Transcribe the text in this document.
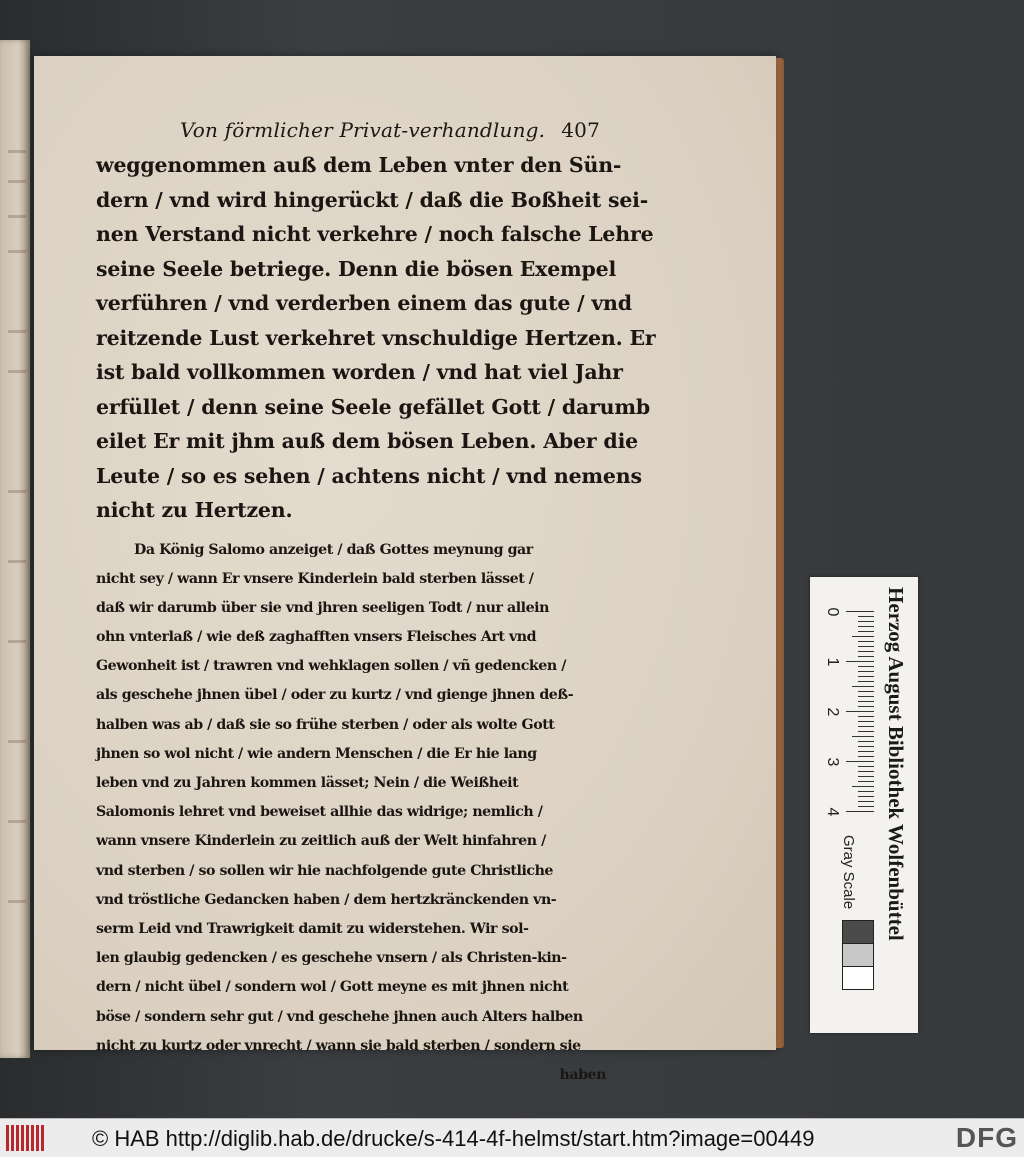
Von förmlicher Privat-verhandlung. 407
weggenommen auß dem Leben vnter den Sün-
dern / vnd wird hingerückt / daß die Boßheit sei-
nen Verstand nicht verkehre / noch falsche Lehre
seine Seele betriege. Denn die bösen Exempel
verführen / vnd verderben einem das gute / vnd
reitzende Lust verkehret vnschuldige Hertzen. Er
ist bald vollkommen worden / vnd hat viel Jahr
erfüllet / denn seine Seele gefället Gott / darumb
eilet Er mit jhm auß dem bösen Leben. Aber die
Leute / so es sehen / achtens nicht / vnd nemens
nicht zu Hertzen.
Da König Salomo anzeiget / daß Gottes meynung gar
nicht sey / wann Er vnsere Kinderlein bald sterben lässet /
daß wir darumb über sie vnd jhren seeligen Todt / nur allein
ohn vnterlaß / wie deß zaghafften vnsers Fleisches Art vnd
Gewonheit ist / trawren vnd wehklagen sollen / vñ gedencken /
als geschehe jhnen übel / oder zu kurtz / vnd gienge jhnen deß-
halben was ab / daß sie so frühe sterben / oder als wolte Gott
jhnen so wol nicht / wie andern Menschen / die Er hie lang
leben vnd zu Jahren kommen lässet; Nein / die Weißheit
Salomonis lehret vnd beweiset allhie das widrige; nemlich /
wann vnsere Kinderlein zu zeitlich auß der Welt hinfahren /
vnd sterben / so sollen wir hie nachfolgende gute Christliche
vnd tröstliche Gedancken haben / dem hertzkränckenden vn-
serm Leid vnd Trawrigkeit damit zu widerstehen. Wir sol-
len glaubig gedencken / es geschehe vnsern / als Christen-kin-
dern / nicht übel / sondern wol / Gott meyne es mit jhnen nicht
böse / sondern sehr gut / vnd geschehe jhnen auch Alters halben
nicht zu kurtz oder vnrecht / wann sie bald sterben / sondern sie
haben
Herzog August Bibliothek Wolfenbüttel
0
1
2
3
4
Gray Scale
© HAB http://diglib.hab.de/drucke/s-414-4f-helmst/start.htm?image=00449	DFG
